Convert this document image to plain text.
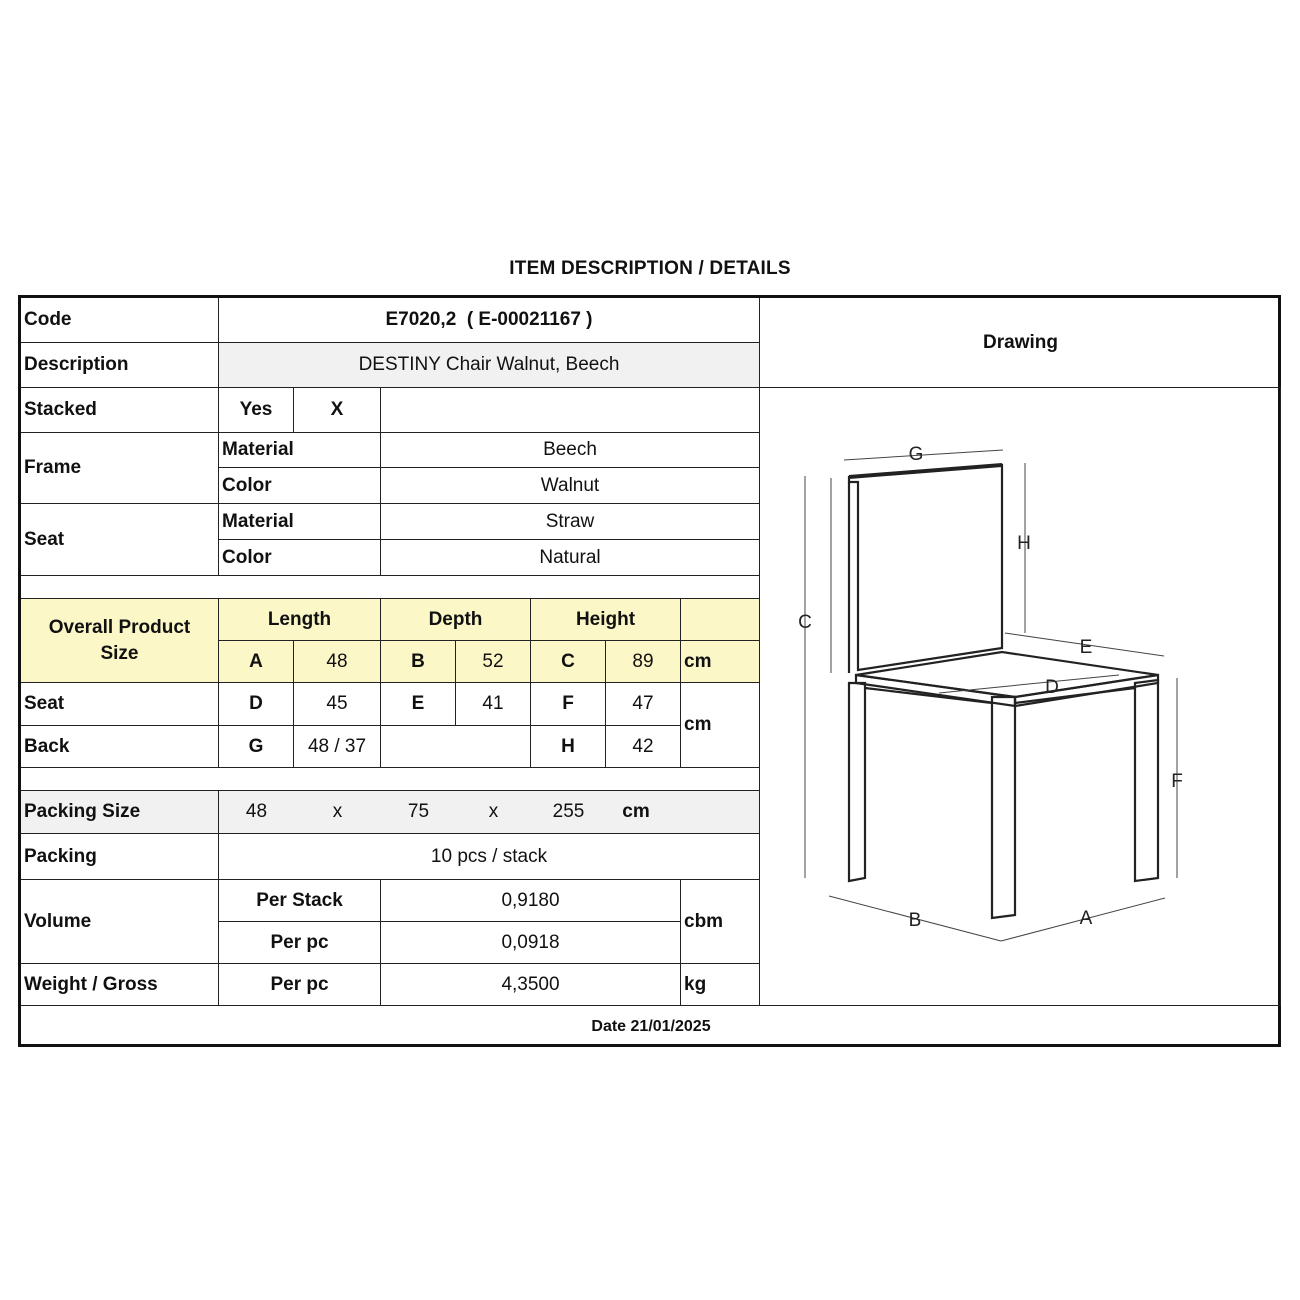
ITEM DESCRIPTION / DETAILS
Code	E7020,2  ( E-00021167 )
Drawing
Description	DESTINY Chair Walnut, Beech
Stacked	Yes	X
Frame
Material	Beech
Color	Walnut
Seat
Material	Straw
Color	Natural
Overall Product Size
Length	Depth	Height
A	48	B	52	C	89	cm
Seat	D	45	E	41	F	47
cm
Back	G	48 / 37	H	42
Packing Size	48	x	75	x	255	cm
Packing	10 pcs / stack
Volume
Per Stack	0,9180
Per pc	0,0918
cbm
Weight / Gross	Per pc	4,3500	kg
G
H
C
E
D
F
B	A
Date 21/01/2025
